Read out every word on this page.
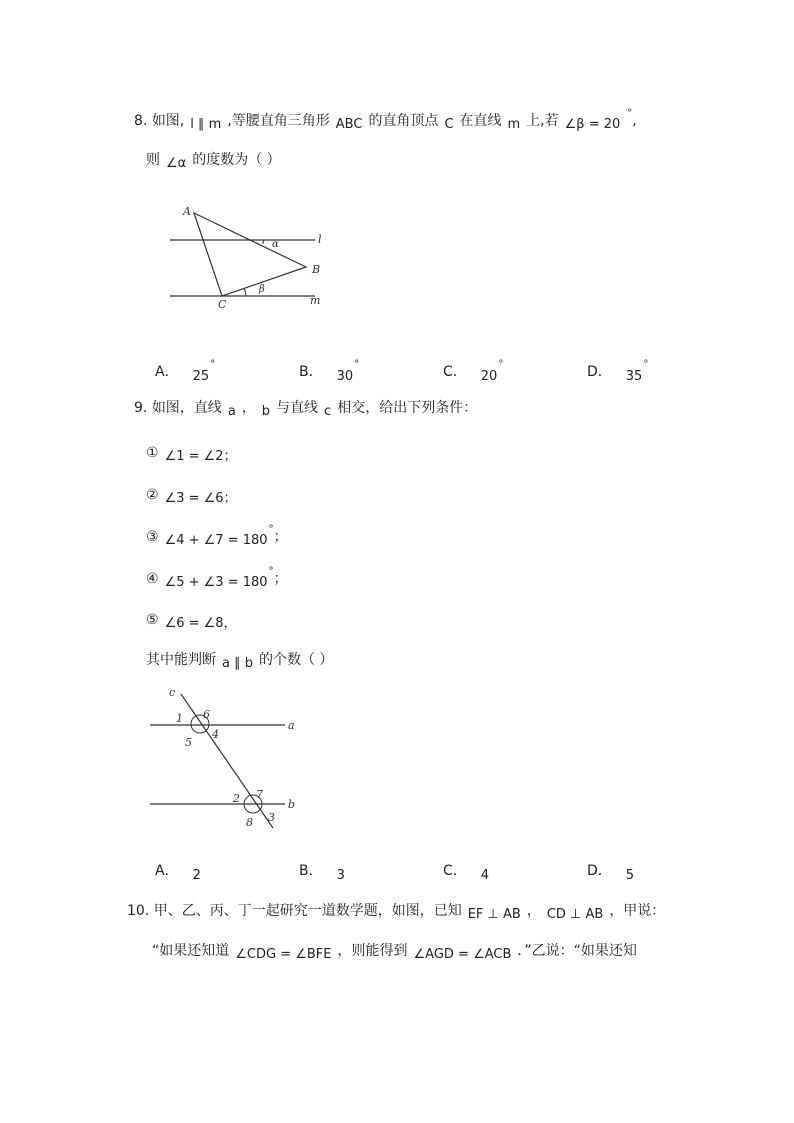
8. 如图, l ∥ m ,等腰直角三角形 ABC 的直角顶点 C 在直线 m 上,若 ∠β = 20°,
则 ∠α 的度数为（ ）
A
B
C
l
m
α
β
A． 25°	B． 30°	C． 20°	D． 35°
9. 如图，直线 a ， b 与直线 c 相交，给出下列条件：
① ∠1 = ∠2；
② ∠3 = ∠6；
③ ∠4 + ∠7 = 180°；
④ ∠5 + ∠3 = 180°；
⑤ ∠6 = ∠8，
其中能判断 a ∥ b 的个数（ ）
c
a
b
1 6
5
4
2 7
8 3
A． 2	B． 3	C． 4	D． 5
10. 甲、乙、丙、丁一起研究一道数学题，如图，已知 EF ⊥ AB ， CD ⊥ AB ，甲说：
“如果还知道 ∠CDG = ∠BFE ，则能得到 ∠AGD = ∠ACB ．”乙说：“如果还知
